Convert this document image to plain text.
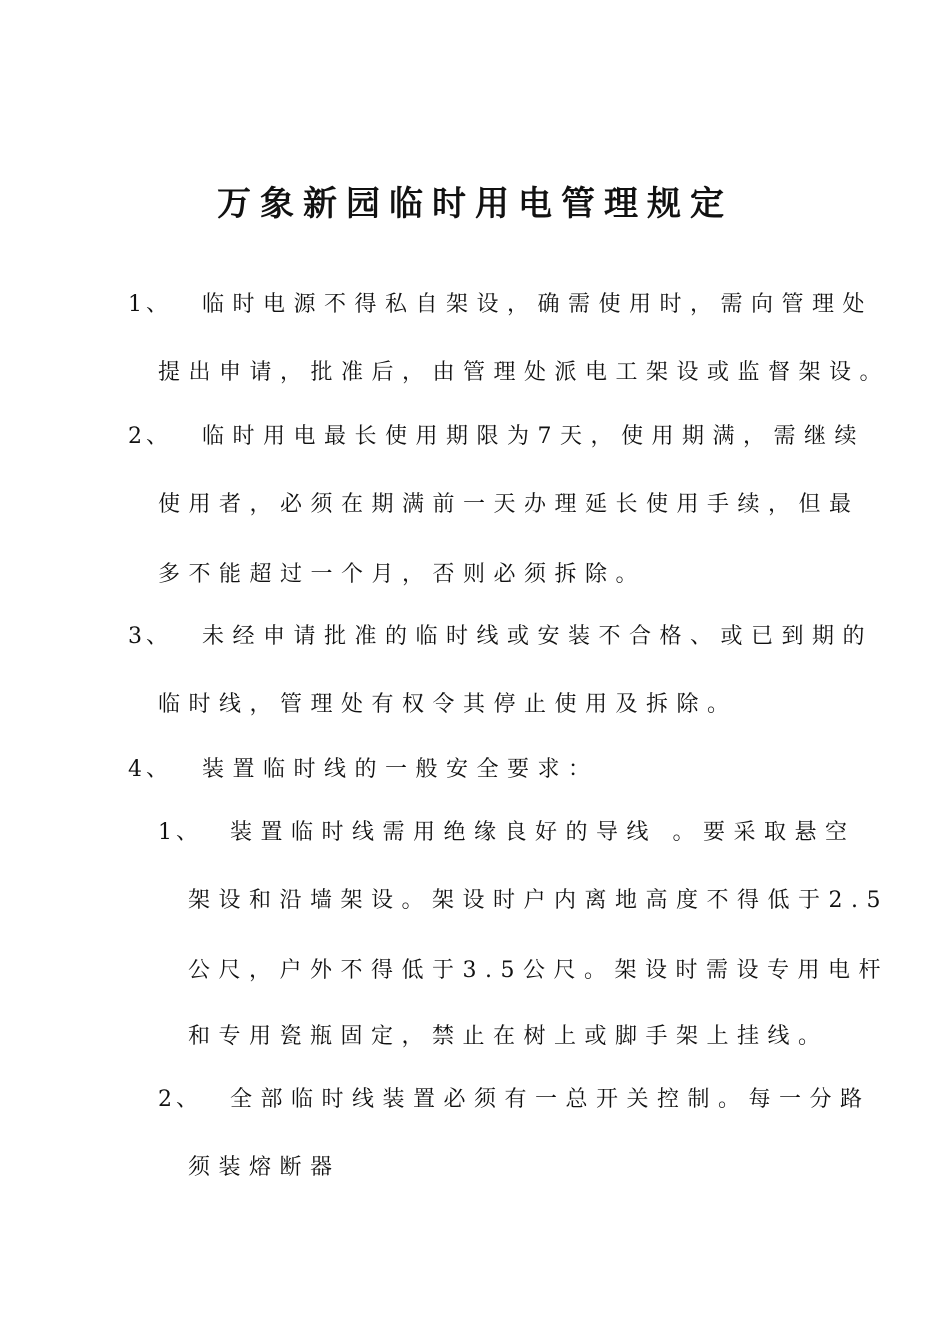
万象新园临时用电管理规定
1、 临时电源不得私自架设，确需使用时，需向管理处
提出申请，批准后，由管理处派电工架设或监督架设。
2、 临时用电最长使用期限为7天，使用期满，需继续
使用者，必须在期满前一天办理延长使用手续，但最
多不能超过一个月，否则必须拆除。
3、 未经申请批准的临时线或安装不合格、或已到期的
临时线，管理处有权令其停止使用及拆除。
4、 装置临时线的一般安全要求：
1、 装置临时线需用绝缘良好的导线 。要采取悬空
架设和沿墙架设。架设时户内离地高度不得低于2.5
公尺，户外不得低于3.5公尺。架设时需设专用电杆
和专用瓷瓶固定，禁止在树上或脚手架上挂线。
2、 全部临时线装置必须有一总开关控制。每一分路
须装熔断器
